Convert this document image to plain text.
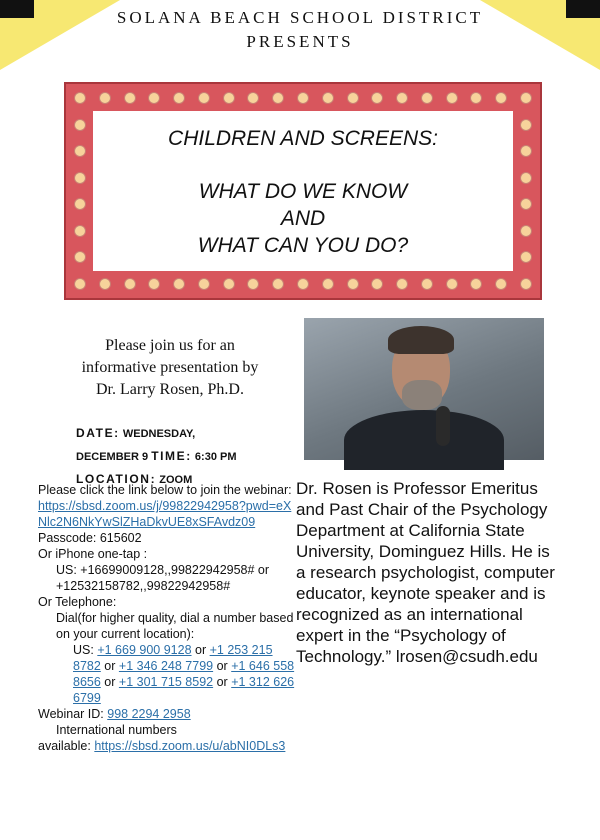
SOLANA BEACH SCHOOL DISTRICT
PRESENTS
CHILDREN AND SCREENS:
WHAT DO WE KNOW
AND
WHAT CAN YOU DO?
Please join us for an
informative presentation by
Dr. Larry Rosen, Ph.D.
DATE: WEDNESDAY,
DECEMBER 9 TIME: 6:30 PM
LOCATION: ZOOM
Please click the link below to join the webinar:
https://sbsd.zoom.us/j/99822942958?pwd=eXNlc2N6NkYwSlZHaDkvUE8xSFAvdz09
Passcode: 615602
Or iPhone one-tap :
US: +16699009128,,99822942958# or +12532158782,,99822942958#
Or Telephone:
Dial(for higher quality, dial a number based on your current location):
US: +1 669 900 9128 or +1 253 215 8782 or +1 346 248 7799 or +1 646 558 8656 or +1 301 715 8592 or +1 312 626 6799
Webinar ID: 998 2294 2958
International numbers
available: https://sbsd.zoom.us/u/abNI0DLs3
Dr. Rosen is Professor Emeritus and Past Chair of the Psychology Department at California State University, Dominguez Hills. He is a research psychologist, computer educator, keynote speaker and is recognized as an international expert in the “Psychology of Technology.” lrosen@csudh.edu
